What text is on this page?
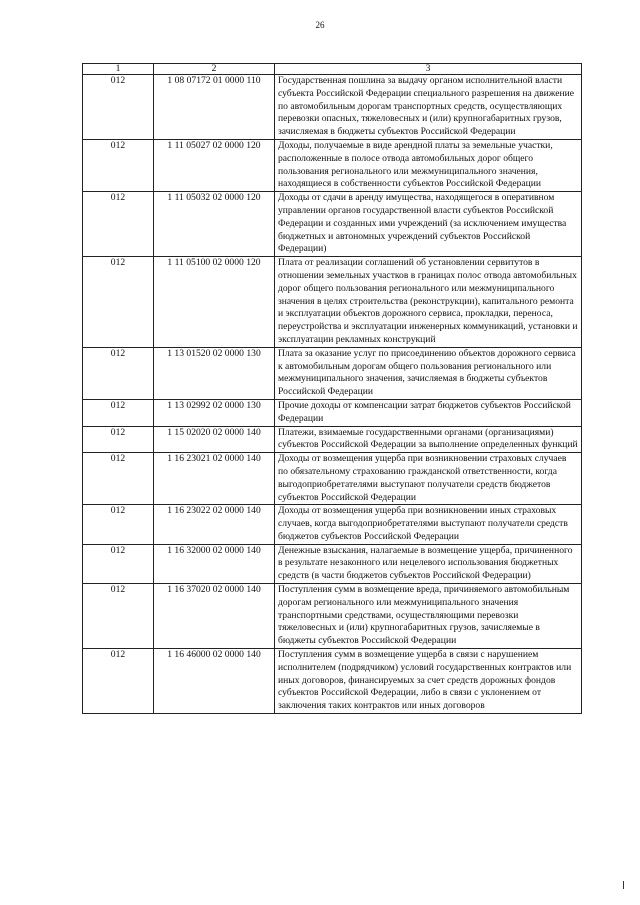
26
1	2	3
012	1 08 07172 01 0000 110	Государственная пошлина за выдачу органом исполнительной власти субъекта Российской Федерации специального разрешения на движение по автомобильным дорогам транспортных средств, осуществляющих перевозки опасных, тяжеловесных и (или) крупногабаритных грузов, зачисляемая в бюджеты субъектов Российской Федерации
012	1 11 05027 02 0000 120	Доходы, получаемые в виде арендной платы за земельные участки, расположенные в полосе отвода автомобильных дорог общего пользования регионального или межмуниципального значения, находящиеся в собственности субъектов Российской Федерации
012	1 11 05032 02 0000 120	Доходы от сдачи в аренду имущества, находящегося в оперативном управлении органов государственной власти субъектов Российской Федерации и созданных ими учреждений (за исключением имущества бюджетных и автономных учреждений субъектов Российской Федерации)
012	1 11 05100 02 0000 120	Плата от реализации соглашений об установлении сервитутов в отношении земельных участков в границах полос отвода автомобильных дорог общего пользования регионального или межмуниципального значения в целях строительства (реконструкции), капитального ремонта и эксплуатации объектов дорожного сервиса, прокладки, переноса, переустройства и эксплуатации инженерных коммуникаций, установки и эксплуатации рекламных конструкций
012	1 13 01520 02 0000 130	Плата за оказание услуг по присоединению объектов дорожного сервиса к автомобильным дорогам общего пользования регионального или межмуниципального значения, зачисляемая в бюджеты субъектов Российской Федерации
012	1 13 02992 02 0000 130	Прочие доходы от компенсации затрат бюджетов субъектов Российской Федерации
012	1 15 02020 02 0000 140	Платежи, взимаемые государственными органами (организациями) субъектов Российской Федерации за выполнение определенных функций
012	1 16 23021 02 0000 140	Доходы от возмещения ущерба при возникновении страховых случаев по обязательному страхованию гражданской ответственности, когда выгодоприобретателями выступают получатели средств бюджетов субъектов Российской Федерации
012	1 16 23022 02 0000 140	Доходы от возмещения ущерба при возникновении иных страховых случаев, когда выгодоприобретателями выступают получатели средств бюджетов субъектов Российской Федерации
012	1 16 32000 02 0000 140	Денежные взыскания, налагаемые в возмещение ущерба, причиненного в результате незаконного или нецелевого использования бюджетных средств (в части бюджетов субъектов Российской Федерации)
012	1 16 37020 02 0000 140	Поступления сумм в возмещение вреда, причиняемого автомобильным дорогам регионального или межмуниципального значения транспортными средствами, осуществляющими перевозки тяжеловесных и (или) крупногабаритных грузов, зачисляемые в бюджеты субъектов Российской Федерации
012	1 16 46000 02 0000 140	Поступления сумм в возмещение ущерба в связи с нарушением исполнителем (подрядчиком) условий государственных контрактов или иных договоров, финансируемых за счет средств дорожных фондов субъектов Российской Федерации, либо в связи с уклонением от заключения таких контрактов или иных договоров
